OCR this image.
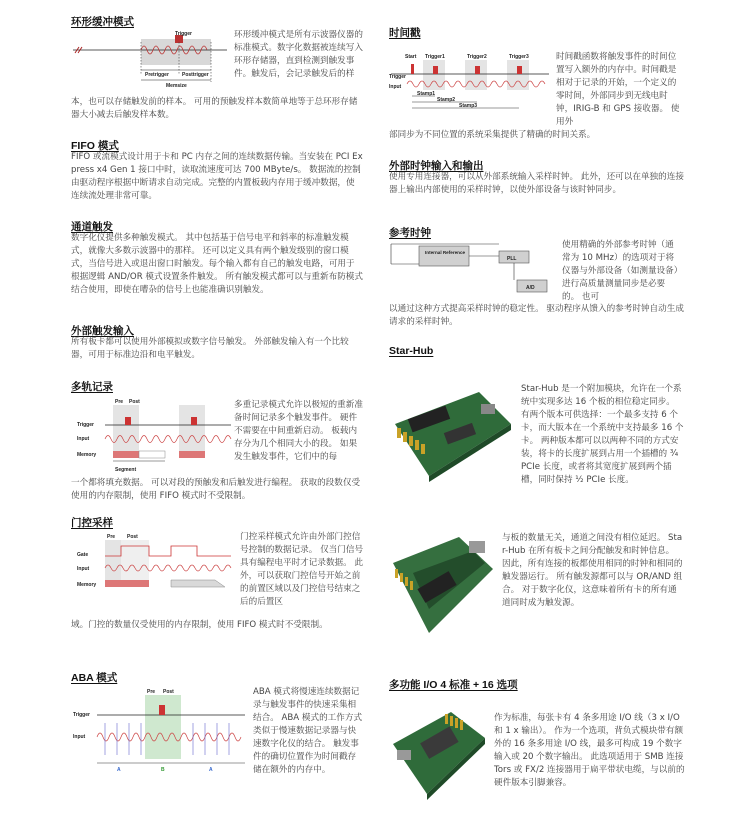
环形缓冲模式
Trigger
Pretrigger	Posttrigger
Memsize

环形缓冲模式是所有示波器仪器的标准模式。数字化数据被连续写入环形存储器，直到检测到触发事件。触发后，会记录触发后的样

本，也可以存储触发前的样本。 可用的预触发样本数简单地等于总环形存储器大小减去后触发样本数。

FIFO 模式

FIFO 或流模式设计用于卡和 PC 内存之间的连续数据传输。当安装在 PCI Express x4 Gen 1 接口中时，读取流速度可达 700 MByte/s。 数据流的控制由驱动程序根据中断请求自动完成。完整的内置板载内存用于缓冲数据，使连续流处理非常可靠。

通道触发

数字化仪提供多种触发模式。 其中包括基于信号电平和斜率的标准触发模式，就像大多数示波器中的那样。 还可以定义具有两个触发级别的窗口模式，当信号进入或退出窗口时触发。每个输入都有自己的触发电路，可用于根据逻辑 AND/OR 模式设置条件触发。 所有触发模式都可以与重新布防模式结合使用，即使在嘈杂的信号上也能准确识别触发。

外部触发输入

所有板卡都可以使用外部模拟或数字信号触发。 外部触发输入有一个比较器，可用于标准边沿和电平触发。

多轨记录
Pre Post
Trigger
Input
Memory
Segment

多重记录模式允许以极短的重新准备时间记录多个触发事件。 硬件不需要在中间重新启动。 板载内存分为几个相同大小的段。 如果发生触发事件，它们中的每

一个都将填充数据。 可以对段的预触发和后触发进行编程。 获取的段数仅受使用的内存限制，使用 FIFO 模式时不受限制。

门控采样
Pre Post
Gate
Input
Memory

门控采样模式允许由外部门控信号控制的数据记录。 仅当门信号具有编程电平时才记录数据。 此外，可以获取门控信号开始之前的前置区域以及门控信号结束之后的后置区

域。门控的数量仅受使用的内存限制，使用 FIFO 模式时不受限制。

ABA 模式
Pre Post
Trigger
Input
A	B	A

ABA 模式将慢速连续数据记录与触发事件的快速采集相结合。 ABA 模式的工作方式类似于慢速数据记录器与快速数字化仪的结合。 触发事件的确切位置作为时间戳存储在额外的内存中。

时间戳
Start Trigger1	Trigger2	Trigger3
Trigger
Input
Stamp1
Stamp2
Stamp3

时间戳函数将触发事件的时间位置写入额外的内存中。时间戳是相对于记录的开始，一个定义的零时间，外部同步到无线电时钟，IRIG-B 和 GPS 接收器。 使用外

部同步为不同位置的系统采集提供了精确的时间关系。

外部时钟输入和输出

使用专用连接器，可以从外部系统输入采样时钟。 此外，还可以在单独的连接器上输出内部使用的采样时钟，以使外部设备与该时钟同步。

参考时钟
Internal Reference
PLL
A/D

使用精确的外部参考时钟（通常为 10 MHz）的选项对于将仪器与外部设备（如测量设备）进行高质量测量同步是必要的。 也可

以通过这种方式提高采样时钟的稳定性。 驱动程序从馈入的参考时钟自动生成请求的采样时钟。

Star-Hub

Star-Hub 是一个附加模块，允许在一个系统中实现多达 16 个板的相位稳定同步。 有两个版本可供选择：一个最多支持 6 个卡，而大版本在一个系统中支持最多 16 个卡。 两种版本都可以以两种不同的方式安装，将卡的长度扩展到占用一个插槽的 ¾ PCIe 长度，或者将其宽度扩展到两个插槽，同时保持 ½ PCIe 长度。

与板的数量无关，通道之间没有相位延迟。 Star-Hub 在所有板卡之间分配触发和时钟信息。 因此，所有连接的板都使用相同的时钟和相同的触发器运行。 所有触发源都可以与 OR/AND 组合。 对于数字化仪，这意味着所有卡的所有通道同时成为触发源。

多功能 I/O 4 标准 + 16 选项

作为标准，每张卡有 4 条多用途 I/O 线（3 x I/O 和 1 x 输出）。 作为一个选项，背负式模块带有额外的 16 条多用途 I/O 线，最多可构成 19 个数字输入或 20 个数字输出。 此选项适用于 SMB 连接Tors 或 FX/2 连接器用于扁平带状电缆，与以前的硬件版本引脚兼容。
